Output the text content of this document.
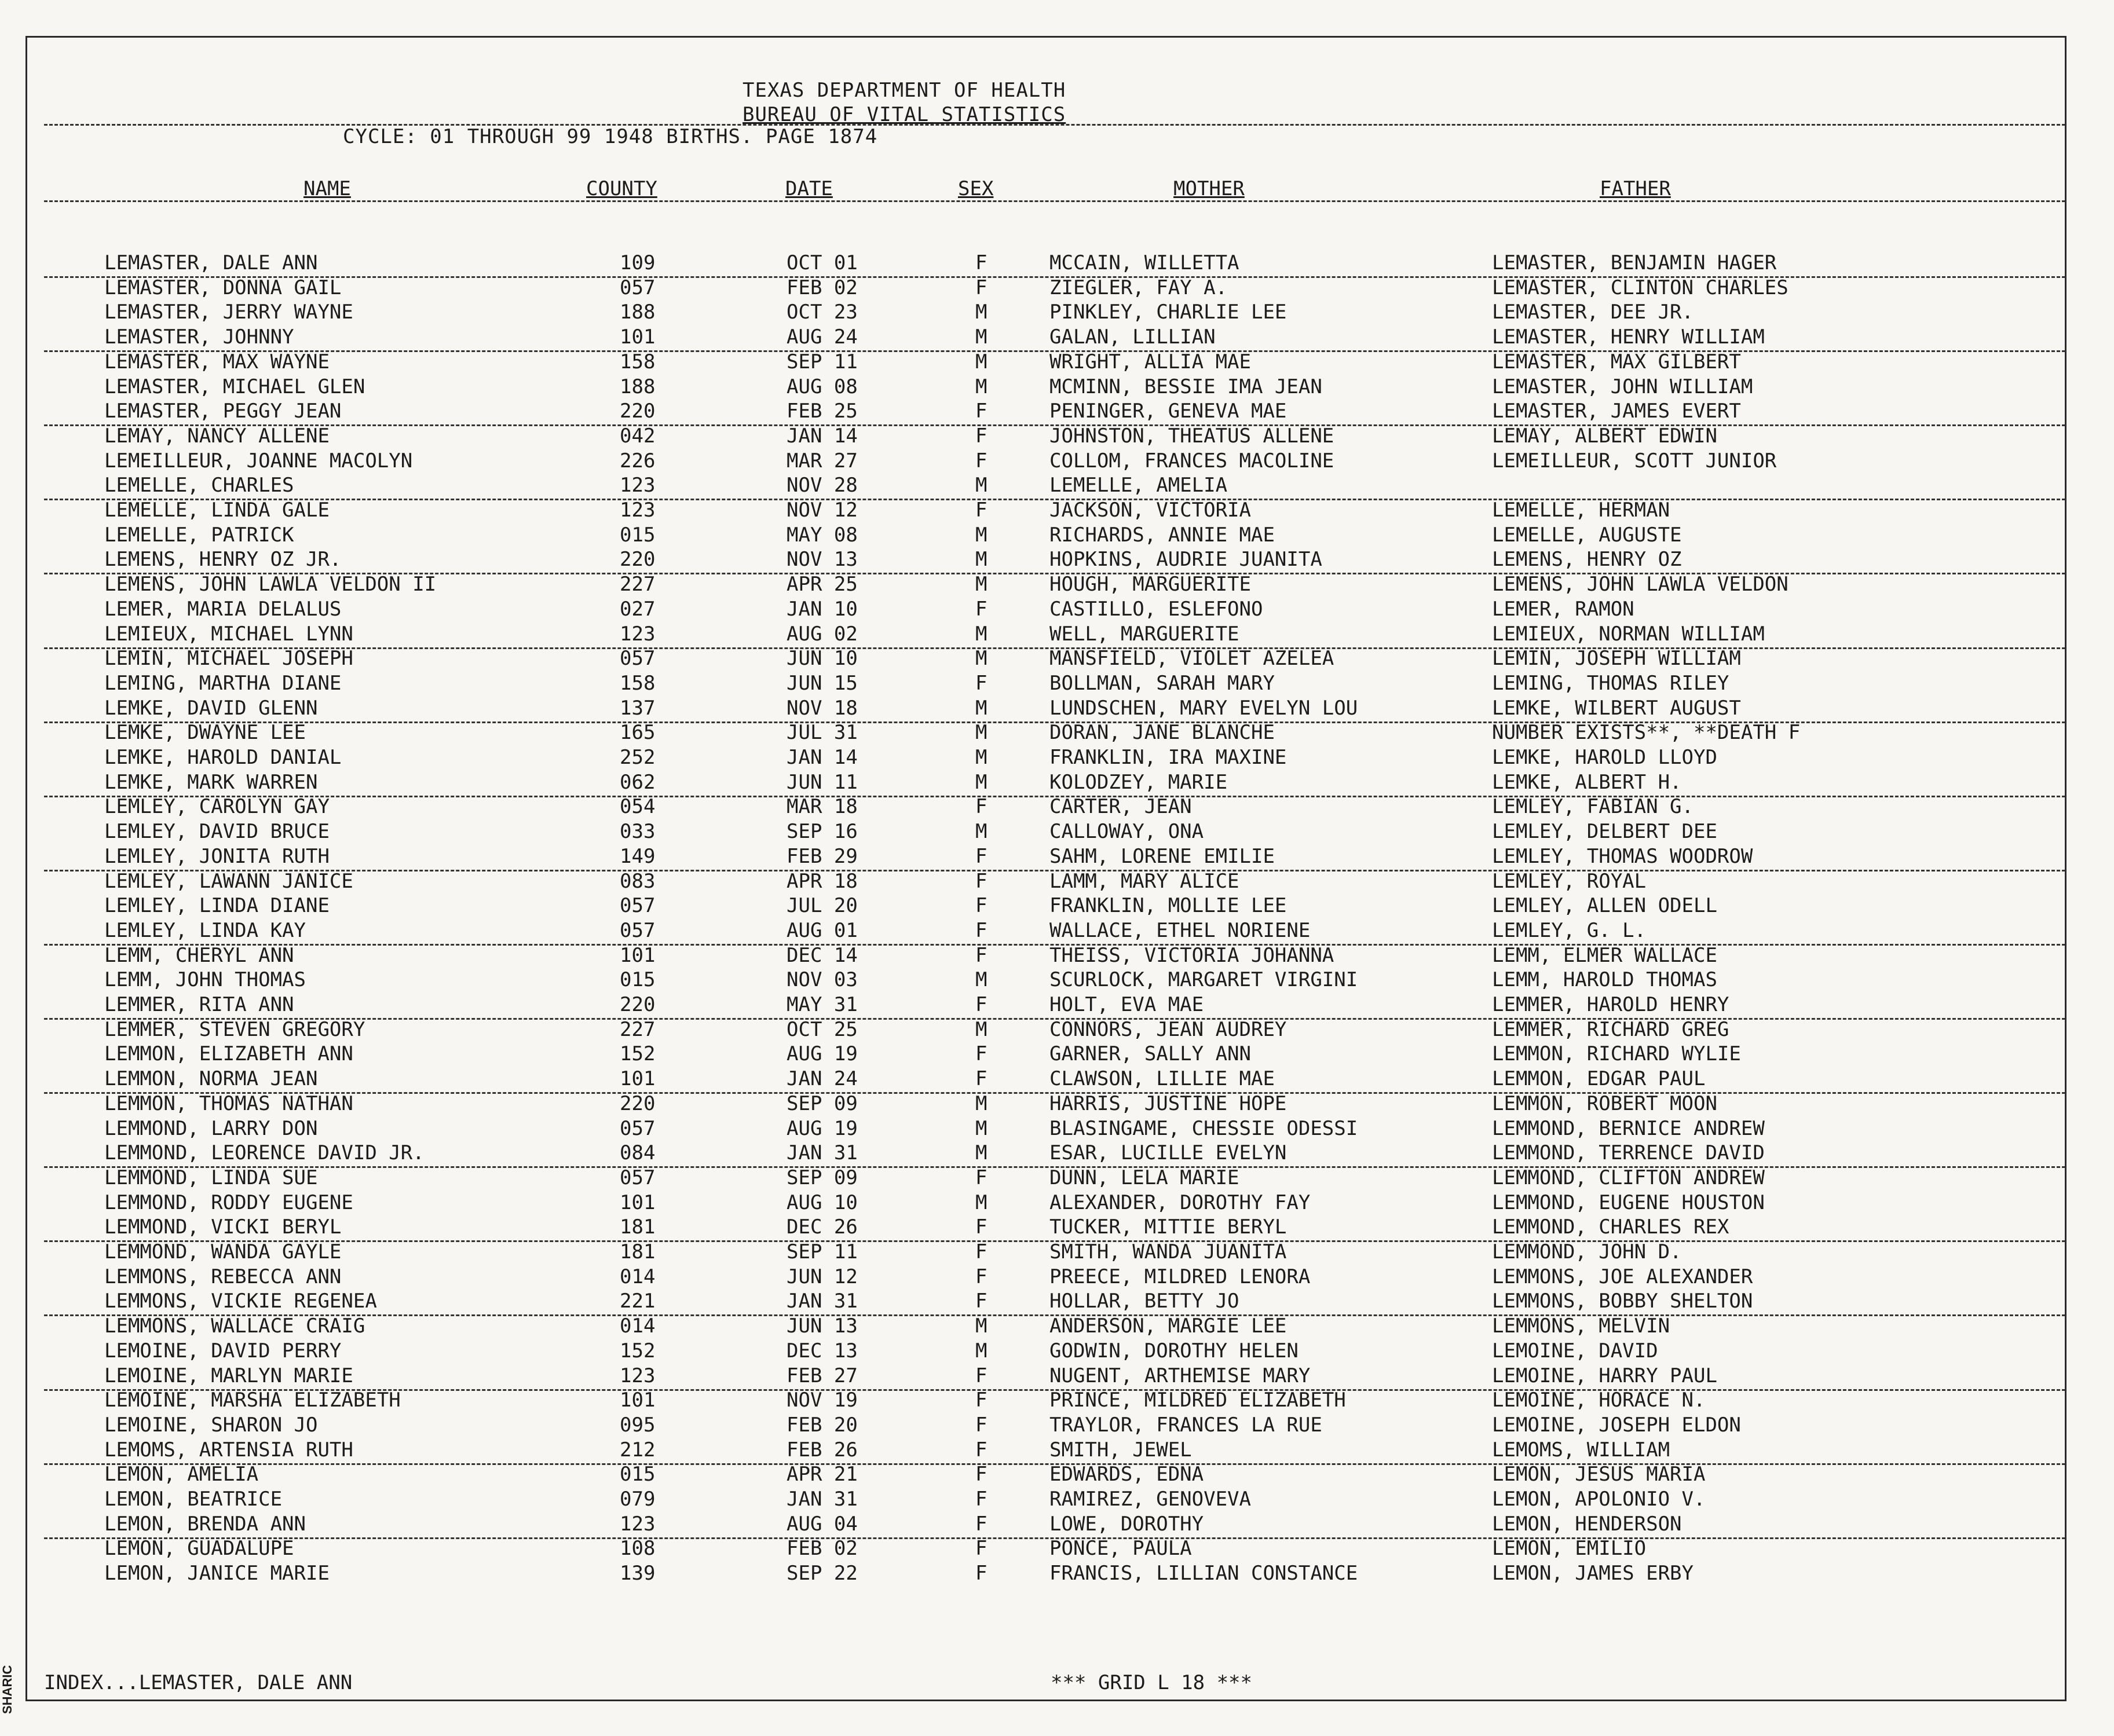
TEXAS DEPARTMENT OF HEALTH
BUREAU OF VITAL STATISTICS
CYCLE: 01 THROUGH 99 1948 BIRTHS. PAGE 1874
NAME	COUNTY	DATE	SEX	MOTHER	FATHER
LEMASTER, DALE ANN	109	OCT 01	F	MCCAIN, WILLETTA	LEMASTER, BENJAMIN HAGER
LEMASTER, DONNA GAIL	057	FEB 02	F	ZIEGLER, FAY A.	LEMASTER, CLINTON CHARLES
LEMASTER, JERRY WAYNE	188	OCT 23	M	PINKLEY, CHARLIE LEE	LEMASTER, DEE JR.
LEMASTER, JOHNNY	101	AUG 24	M	GALAN, LILLIAN	LEMASTER, HENRY WILLIAM
LEMASTER, MAX WAYNE	158	SEP 11	M	WRIGHT, ALLIA MAE	LEMASTER, MAX GILBERT
LEMASTER, MICHAEL GLEN	188	AUG 08	M	MCMINN, BESSIE IMA JEAN	LEMASTER, JOHN WILLIAM
LEMASTER, PEGGY JEAN	220	FEB 25	F	PENINGER, GENEVA MAE	LEMASTER, JAMES EVERT
LEMAY, NANCY ALLENE	042	JAN 14	F	JOHNSTON, THEATUS ALLENE	LEMAY, ALBERT EDWIN
LEMEILLEUR, JOANNE MACOLYN	226	MAR 27	F	COLLOM, FRANCES MACOLINE	LEMEILLEUR, SCOTT JUNIOR
LEMELLE, CHARLES	123	NOV 28	M	LEMELLE, AMELIA
LEMELLE, LINDA GALE	123	NOV 12	F	JACKSON, VICTORIA	LEMELLE, HERMAN
LEMELLE, PATRICK	015	MAY 08	M	RICHARDS, ANNIE MAE	LEMELLE, AUGUSTE
LEMENS, HENRY OZ JR.	220	NOV 13	M	HOPKINS, AUDRIE JUANITA	LEMENS, HENRY OZ
LEMENS, JOHN LAWLA VELDON II	227	APR 25	M	HOUGH, MARGUERITE	LEMENS, JOHN LAWLA VELDON
LEMER, MARIA DELALUS	027	JAN 10	F	CASTILLO, ESLEFONO	LEMER, RAMON
LEMIEUX, MICHAEL LYNN	123	AUG 02	M	WELL, MARGUERITE	LEMIEUX, NORMAN WILLIAM
LEMIN, MICHAEL JOSEPH	057	JUN 10	M	MANSFIELD, VIOLET AZELEA	LEMIN, JOSEPH WILLIAM
LEMING, MARTHA DIANE	158	JUN 15	F	BOLLMAN, SARAH MARY	LEMING, THOMAS RILEY
LEMKE, DAVID GLENN	137	NOV 18	M	LUNDSCHEN, MARY EVELYN LOU	LEMKE, WILBERT AUGUST
LEMKE, DWAYNE LEE	165	JUL 31	M	DORAN, JANE BLANCHE	NUMBER EXISTS**, **DEATH F
LEMKE, HAROLD DANIAL	252	JAN 14	M	FRANKLIN, IRA MAXINE	LEMKE, HAROLD LLOYD
LEMKE, MARK WARREN	062	JUN 11	M	KOLODZEY, MARIE	LEMKE, ALBERT H.
LEMLEY, CAROLYN GAY	054	MAR 18	F	CARTER, JEAN	LEMLEY, FABIAN G.
LEMLEY, DAVID BRUCE	033	SEP 16	M	CALLOWAY, ONA	LEMLEY, DELBERT DEE
LEMLEY, JONITA RUTH	149	FEB 29	F	SAHM, LORENE EMILIE	LEMLEY, THOMAS WOODROW
LEMLEY, LAWANN JANICE	083	APR 18	F	LAMM, MARY ALICE	LEMLEY, ROYAL
LEMLEY, LINDA DIANE	057	JUL 20	F	FRANKLIN, MOLLIE LEE	LEMLEY, ALLEN ODELL
LEMLEY, LINDA KAY	057	AUG 01	F	WALLACE, ETHEL NORIENE	LEMLEY, G. L.
LEMM, CHERYL ANN	101	DEC 14	F	THEISS, VICTORIA JOHANNA	LEMM, ELMER WALLACE
LEMM, JOHN THOMAS	015	NOV 03	M	SCURLOCK, MARGARET VIRGINI	LEMM, HAROLD THOMAS
LEMMER, RITA ANN	220	MAY 31	F	HOLT, EVA MAE	LEMMER, HAROLD HENRY
LEMMER, STEVEN GREGORY	227	OCT 25	M	CONNORS, JEAN AUDREY	LEMMER, RICHARD GREG
LEMMON, ELIZABETH ANN	152	AUG 19	F	GARNER, SALLY ANN	LEMMON, RICHARD WYLIE
LEMMON, NORMA JEAN	101	JAN 24	F	CLAWSON, LILLIE MAE	LEMMON, EDGAR PAUL
LEMMON, THOMAS NATHAN	220	SEP 09	M	HARRIS, JUSTINE HOPE	LEMMON, ROBERT MOON
LEMMOND, LARRY DON	057	AUG 19	M	BLASINGAME, CHESSIE ODESSI	LEMMOND, BERNICE ANDREW
LEMMOND, LEORENCE DAVID JR.	084	JAN 31	M	ESAR, LUCILLE EVELYN	LEMMOND, TERRENCE DAVID
LEMMOND, LINDA SUE	057	SEP 09	F	DUNN, LELA MARIE	LEMMOND, CLIFTON ANDREW
LEMMOND, RODDY EUGENE	101	AUG 10	M	ALEXANDER, DOROTHY FAY	LEMMOND, EUGENE HOUSTON
LEMMOND, VICKI BERYL	181	DEC 26	F	TUCKER, MITTIE BERYL	LEMMOND, CHARLES REX
LEMMOND, WANDA GAYLE	181	SEP 11	F	SMITH, WANDA JUANITA	LEMMOND, JOHN D.
LEMMONS, REBECCA ANN	014	JUN 12	F	PREECE, MILDRED LENORA	LEMMONS, JOE ALEXANDER
LEMMONS, VICKIE REGENEA	221	JAN 31	F	HOLLAR, BETTY JO	LEMMONS, BOBBY SHELTON
LEMMONS, WALLACE CRAIG	014	JUN 13	M	ANDERSON, MARGIE LEE	LEMMONS, MELVIN
LEMOINE, DAVID PERRY	152	DEC 13	M	GODWIN, DOROTHY HELEN	LEMOINE, DAVID
LEMOINE, MARLYN MARIE	123	FEB 27	F	NUGENT, ARTHEMISE MARY	LEMOINE, HARRY PAUL
LEMOINE, MARSHA ELIZABETH	101	NOV 19	F	PRINCE, MILDRED ELIZABETH	LEMOINE, HORACE N.
LEMOINE, SHARON JO	095	FEB 20	F	TRAYLOR, FRANCES LA RUE	LEMOINE, JOSEPH ELDON
LEMOMS, ARTENSIA RUTH	212	FEB 26	F	SMITH, JEWEL	LEMOMS, WILLIAM
LEMON, AMELIA	015	APR 21	F	EDWARDS, EDNA	LEMON, JESUS MARIA
LEMON, BEATRICE	079	JAN 31	F	RAMIREZ, GENOVEVA	LEMON, APOLONIO V.
LEMON, BRENDA ANN	123	AUG 04	F	LOWE, DOROTHY	LEMON, HENDERSON
LEMON, GUADALUPE	108	FEB 02	F	PONCE, PAULA	LEMON, EMILIO
LEMON, JANICE MARIE	139	SEP 22	F	FRANCIS, LILLIAN CONSTANCE	LEMON, JAMES ERBY
INDEX...LEMASTER, DALE ANN	*** GRID L 18 ***
SHARIC
